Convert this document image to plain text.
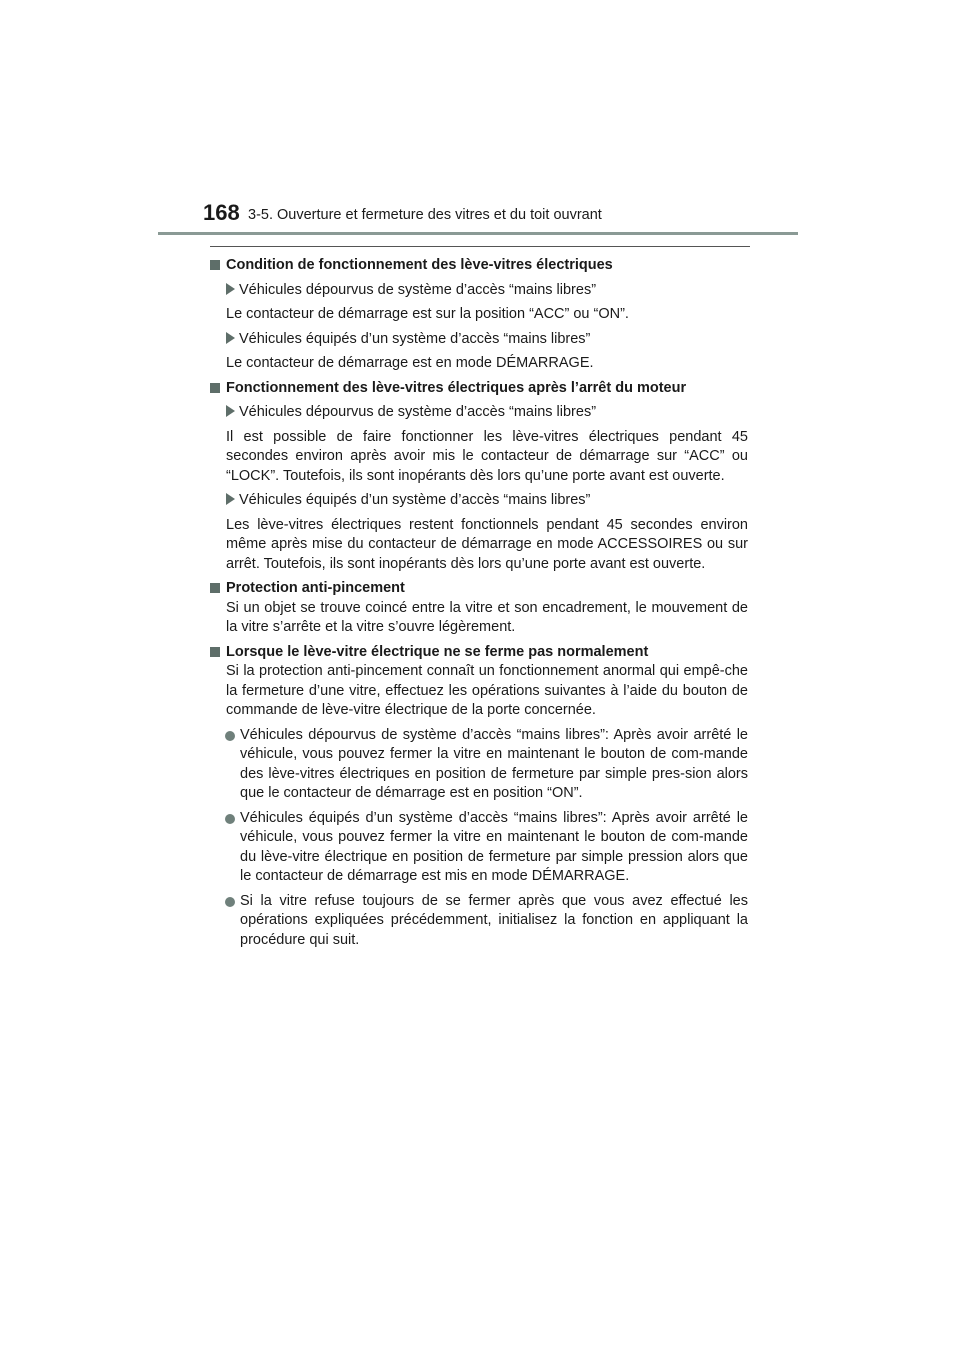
168 3-5. Ouverture et fermeture des vitres et du toit ouvrant
Condition de fonctionnement des lève-vitres électriques
Véhicules dépourvus de système d’accès “mains libres”
Le contacteur de démarrage est sur la position “ACC” ou “ON”.
Véhicules équipés d’un système d’accès “mains libres”
Le contacteur de démarrage est en mode DÉMARRAGE.
Fonctionnement des lève-vitres électriques après l’arrêt du moteur
Véhicules dépourvus de système d’accès “mains libres”
Il est possible de faire fonctionner les lève-vitres électriques pendant 45 secondes environ après avoir mis le contacteur de démarrage sur “ACC” ou “LOCK”. Toutefois, ils sont inopérants dès lors qu’une porte avant est ouverte.
Véhicules équipés d’un système d’accès “mains libres”
Les lève-vitres électriques restent fonctionnels pendant 45 secondes environ même après mise du contacteur de démarrage en mode ACCESSOIRES ou sur arrêt. Toutefois, ils sont inopérants dès lors qu’une porte avant est ouverte.
Protection anti-pincement
Si un objet se trouve coincé entre la vitre et son encadrement, le mouvement de la vitre s’arrête et la vitre s’ouvre légèrement.
Lorsque le lève-vitre électrique ne se ferme pas normalement
Si la protection anti-pincement connaît un fonctionnement anormal qui empê-che la fermeture d’une vitre, effectuez les opérations suivantes à l’aide du bouton de commande de lève-vitre électrique de la porte concernée.
Véhicules dépourvus de système d’accès “mains libres”: Après avoir arrêté le véhicule, vous pouvez fermer la vitre en maintenant le bouton de com-mande des lève-vitres électriques en position de fermeture par simple pres-sion alors que le contacteur de démarrage est en position “ON”.
Véhicules équipés d’un système d’accès “mains libres”: Après avoir arrêté le véhicule, vous pouvez fermer la vitre en maintenant le bouton de com-mande du lève-vitre électrique en position de fermeture par simple pression alors que le contacteur de démarrage est mis en mode DÉMARRAGE.
Si la vitre refuse toujours de se fermer après que vous avez effectué les opérations expliquées précédemment, initialisez la fonction en appliquant la procédure qui suit.
